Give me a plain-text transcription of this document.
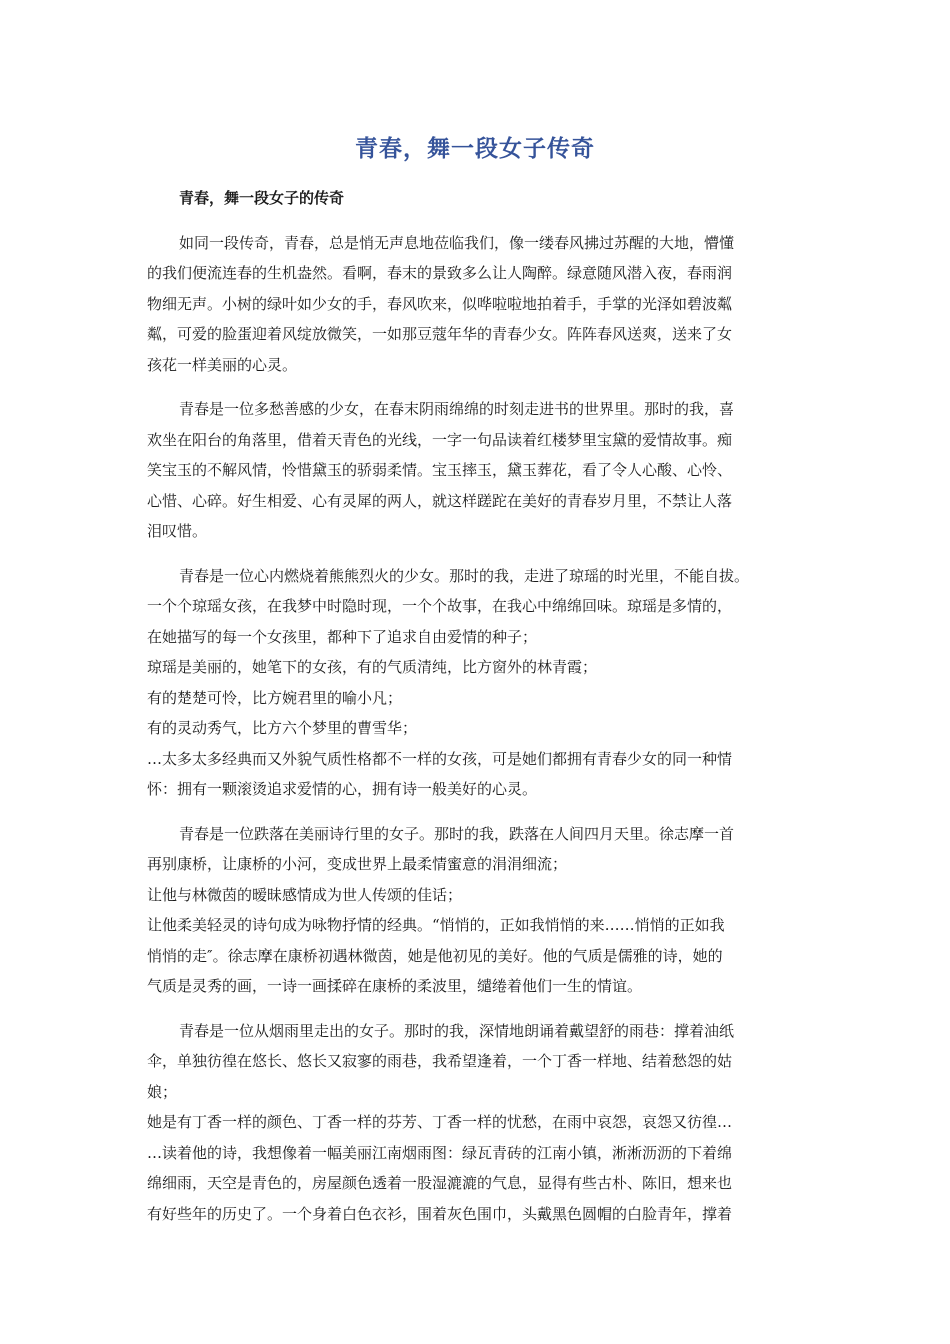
青春，舞一段女子传奇
青春，舞一段女子的传奇
如同一段传奇，青春，总是悄无声息地莅临我们，像一缕春风拂过苏醒的大地，懵懂
的我们便流连春的生机盎然。看啊，春末的景致多么让人陶醉。绿意随风潜入夜，春雨润
物细无声。小树的绿叶如少女的手，春风吹来，似哗啦啦地拍着手，手掌的光泽如碧波粼
粼，可爱的脸蛋迎着风绽放微笑，一如那豆蔻年华的青春少女。阵阵春风送爽，送来了女
孩花一样美丽的心灵。
青春是一位多愁善感的少女，在春末阴雨绵绵的时刻走进书的世界里。那时的我，喜
欢坐在阳台的角落里，借着天青色的光线，一字一句品读着红楼梦里宝黛的爱情故事。痴
笑宝玉的不解风情，怜惜黛玉的骄弱柔情。宝玉摔玉，黛玉葬花，看了令人心酸、心怜、
心惜、心碎。好生相爱、心有灵犀的两人，就这样蹉跎在美好的青春岁月里，不禁让人落
泪叹惜。
青春是一位心内燃烧着熊熊烈火的少女。那时的我，走进了琼瑶的时光里，不能自拔。
一个个琼瑶女孩，在我梦中时隐时现，一个个故事，在我心中绵绵回味。琼瑶是多情的，
在她描写的每一个女孩里，都种下了追求自由爱情的种子；
琼瑶是美丽的，她笔下的女孩，有的气质清纯，比方窗外的林青霞；
有的楚楚可怜，比方婉君里的喻小凡；
有的灵动秀气，比方六个梦里的曹雪华；
…太多太多经典而又外貌气质性格都不一样的女孩，可是她们都拥有青春少女的同一种情
怀：拥有一颗滚烫追求爱情的心，拥有诗一般美好的心灵。
青春是一位跌落在美丽诗行里的女子。那时的我，跌落在人间四月天里。徐志摩一首
再别康桥，让康桥的小河，变成世界上最柔情蜜意的涓涓细流；
让他与林微茵的暧昧感情成为世人传颂的佳话；
让他柔美轻灵的诗句成为咏物抒情的经典。“悄悄的，正如我悄悄的来……悄悄的正如我
悄悄的走″。徐志摩在康桥初遇林微茵，她是他初见的美好。他的气质是儒雅的诗，她的
气质是灵秀的画，一诗一画揉碎在康桥的柔波里，缱绻着他们一生的情谊。
青春是一位从烟雨里走出的女子。那时的我，深情地朗诵着戴望舒的雨巷：撑着油纸
伞，单独彷徨在悠长、悠长又寂寥的雨巷，我希望逢着，一个丁香一样地、结着愁怨的姑
娘；
她是有丁香一样的颜色、丁香一样的芬芳、丁香一样的忧愁，在雨中哀怨，哀怨又彷徨…
…读着他的诗，我想像着一幅美丽江南烟雨图：绿瓦青砖的江南小镇，淅淅沥沥的下着绵
绵细雨，天空是青色的，房屋颜色透着一股湿漉漉的气息，显得有些古朴、陈旧，想来也
有好些年的历史了。一个身着白色衣衫，围着灰色围巾，头戴黑色圆帽的白脸青年，撑着
